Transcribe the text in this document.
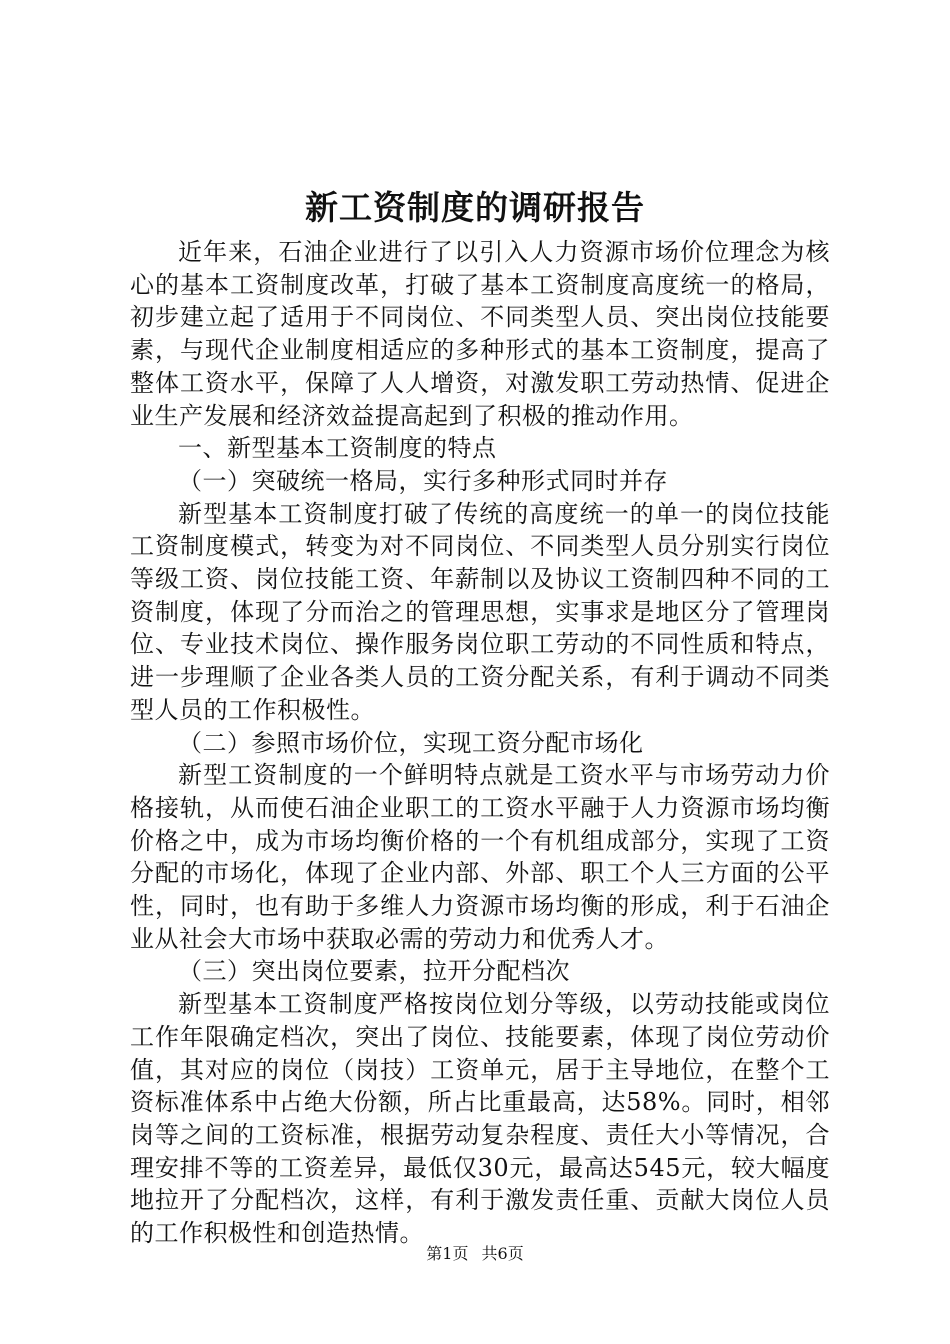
新工资制度的调研报告

近年来，石油企业进行了以引入人力资源市场价位理念为核心的基本工资制度改革，打破了基本工资制度高度统一的格局，初步建立起了适用于不同岗位、不同类型人员、突出岗位技能要素，与现代企业制度相适应的多种形式的基本工资制度，提高了整体工资水平，保障了人人增资，对激发职工劳动热情、促进企业生产发展和经济效益提高起到了积极的推动作用。

一、新型基本工资制度的特点

（一）突破统一格局，实行多种形式同时并存

新型基本工资制度打破了传统的高度统一的单一的岗位技能工资制度模式，转变为对不同岗位、不同类型人员分别实行岗位等级工资、岗位技能工资、年薪制以及协议工资制四种不同的工资制度，体现了分而治之的管理思想，实事求是地区分了管理岗位、专业技术岗位、操作服务岗位职工劳动的不同性质和特点，进一步理顺了企业各类人员的工资分配关系，有利于调动不同类型人员的工作积极性。

（二）参照市场价位，实现工资分配市场化

新型工资制度的一个鲜明特点就是工资水平与市场劳动力价格接轨，从而使石油企业职工的工资水平融于人力资源市场均衡价格之中，成为市场均衡价格的一个有机组成部分，实现了工资分配的市场化，体现了企业内部、外部、职工个人三方面的公平性，同时，也有助于多维人力资源市场均衡的形成，利于石油企业从社会大市场中获取必需的劳动力和优秀人才。

（三）突出岗位要素，拉开分配档次

新型基本工资制度严格按岗位划分等级，以劳动技能或岗位工作年限确定档次，突出了岗位、技能要素，体现了岗位劳动价值，其对应的岗位（岗技）工资单元，居于主导地位，在整个工资标准体系中占绝大份额，所占比重最高，达58%。同时，相邻岗等之间的工资标准，根据劳动复杂程度、责任大小等情况，合理安排不等的工资差异，最低仅30元，最高达545元，较大幅度地拉开了分配档次，这样，有利于激发责任重、贡献大岗位人员的工作积极性和创造热情。

第1页 共6页
